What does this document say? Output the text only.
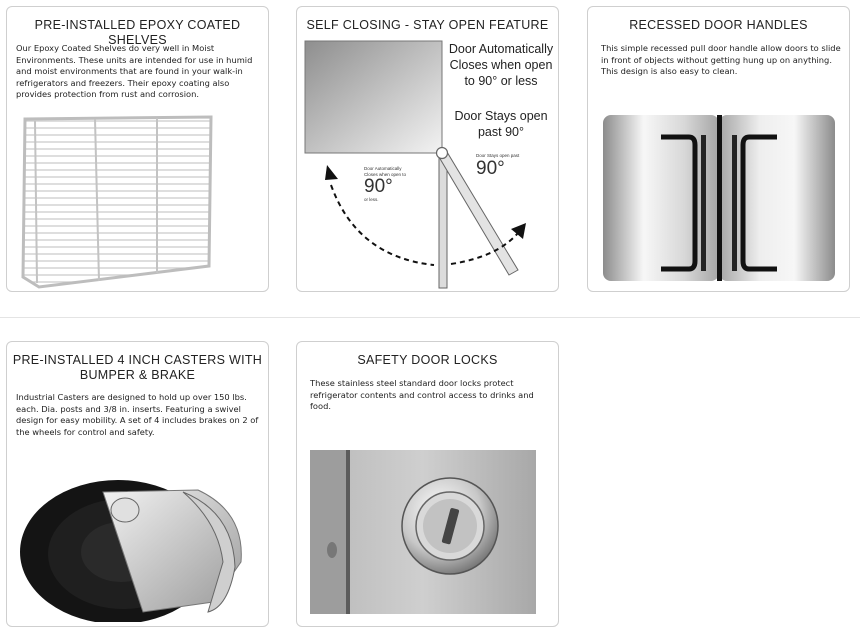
PRE-INSTALLED EPOXY COATED SHELVES

Our Epoxy Coated Shelves do very well in Moist Environments. These units are intended for use in humid and moist environments that are found in your walk-in refrigerators and freezers. Their epoxy coating also provides protection from rust and corrosion.

SELF CLOSING - STAY OPEN FEATURE
Door Automatically Closes when open to 90° or less
Door Stays open past 90°
Door Automatically
Closes when open to
90°
or less.
Door Stays open past
90°
RECESSED DOOR HANDLES

This simple recessed pull door handle allow doors to slide in front of objects without getting hung up on anything. This design is also easy to clean.

PRE-INSTALLED 4 INCH CASTERS WITH
BUMPER & BRAKE

Industrial Casters are designed to hold up over 150 lbs. each. Dia. posts and 3/8 in. inserts. Featuring a swivel design for easy mobility. A set of 4 includes brakes on 2 of the wheels for control and safety.

SAFETY DOOR LOCKS

These stainless steel standard door locks protect refrigerator contents and control access to drinks and food.
